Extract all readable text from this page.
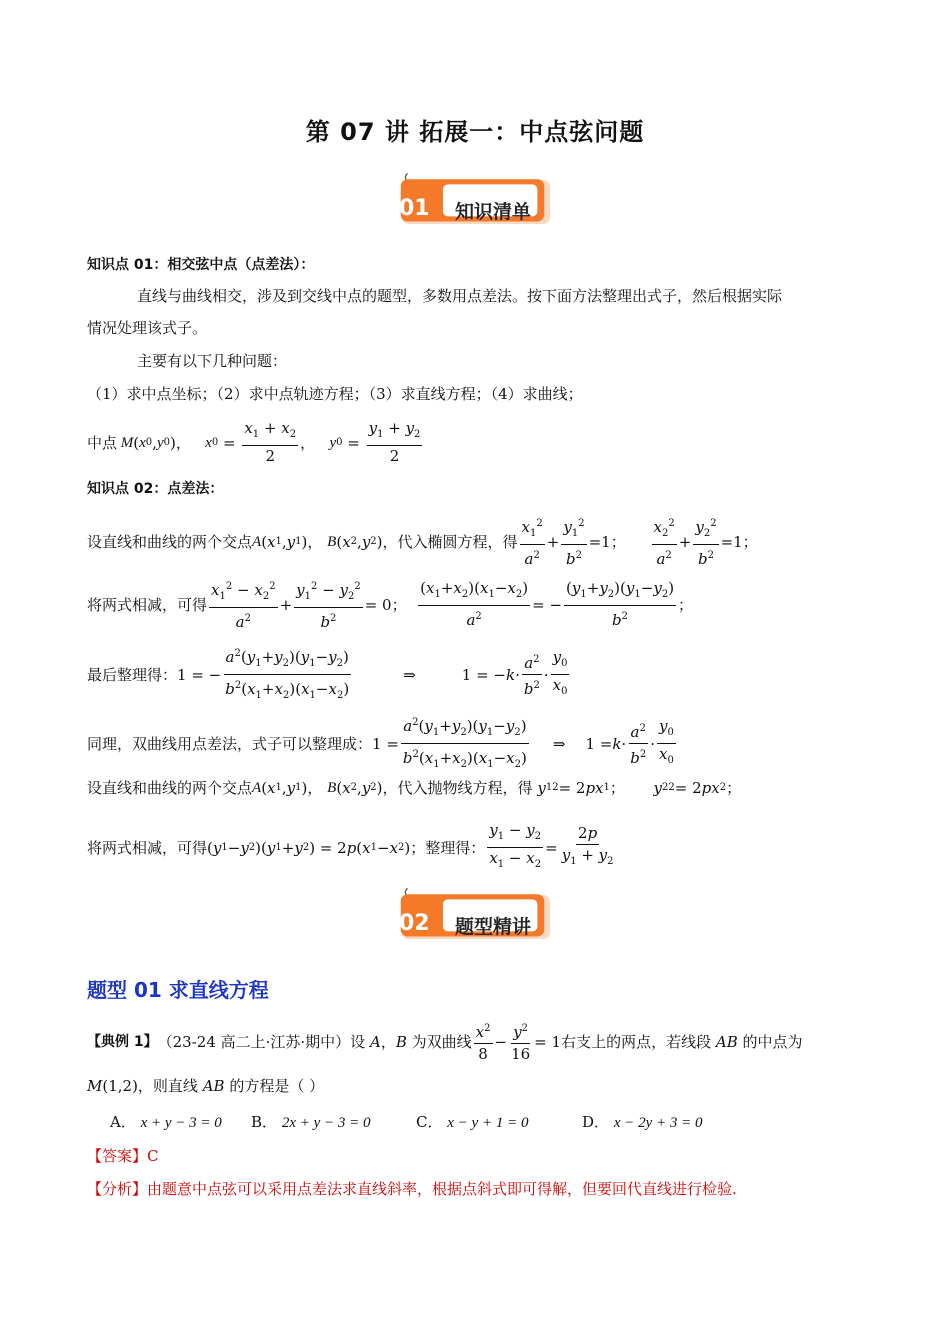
第 07 讲 拓展一：中点弦问题
01 知识清单
知识点 01：相交弦中点（点差法）：
直线与曲线相交，涉及到交线中点的题型，多数用点差法。按下面方法整理出式子，然后根据实际
情况处理该式子。
主要有以下几种问题：
（1）求中点坐标；（2）求中点轨迹方程；（3）求直线方程；（4）求曲线；
中点 M ( x 0 , y 0 )， x $0 = \frac{x_1 + x_2}{2}$ ， y $0 = \frac{y_1 + y_2}{2}$
知识点 02：点差法：
设直线和曲线的两个交点 A ( x 1 , y 1 )， B ( x 2 , y 2 ) ，代入椭圆方程，得 $\frac{x_1^2}{a^2} + \frac{y_1^2}{b^2} =1$； $\frac{x_2^2}{a^2} + \frac{y_2^2}{b^2} =1$；
将两式相减，可得 $\frac{x_1^2 - x_2^2}{a^2} + \frac{y_1^2 - y_2^2}{b^2} = 0$； $\frac{(x_1+x_2)(x_1-x_2)}{a^2}$ = − $\frac{(y_1+y_2)(y_1-y_2)}{b^2}$ ；
最后整理得： 1 = − $\frac{a^2(y_1+y_2)(y_1-y_2)}{b^2(x_1+x_2)(x_1-x_2)}$	⇒	1 = − $k \cdot \frac{a^2}{b^2} \cdot \frac{y_0}{x_0}$
同理，双曲线用点差法，式子可以整理成： $1 = \frac{a^2(y_1+y_2)(y_1-y_2)}{b^2(x_1+x_2)(x_1-x_2)}$ ⇒ $1 = k \cdot \frac{a^2}{b^2} \cdot \frac{y_0}{x_0}$
设直线和曲线的两个交点 A ( x 1 , y 1 )， B ( x 2 , y 2 ) ，代入抛物线方程，得
y 1 2 = 2 px 1 ； y 2 2 = 2 px 2 ；
将两式相减，可得 ( y 1 − y 2 )( y 1 + y 2 ) = 2 p ( x 1 − x 2 ) ；整理得： $\frac{y_1 - y_2}{x_1 - x_2} = \frac{2p}{y_1 + y_2}$
02 题型精讲
题型 01 求直线方程
【典例 1】 （23-24 高二上·江苏·期中）设
A ， B
为双曲线 $\frac{x^2}{8} - \frac{y^2}{16} = 1$ 右支上的两点，若线段
AB
的中点为
M (1,2) ，则直线
AB
的方程是（ ）
A． x + y − 3 = 0 B． 2x + y − 3 = 0	C． x − y + 1 = 0	D． x − 2y + 3 = 0
【答案】C
【分析】由题意中点弦可以采用点差法求直线斜率，根据点斜式即可得解，但要回代直线进行检验.
